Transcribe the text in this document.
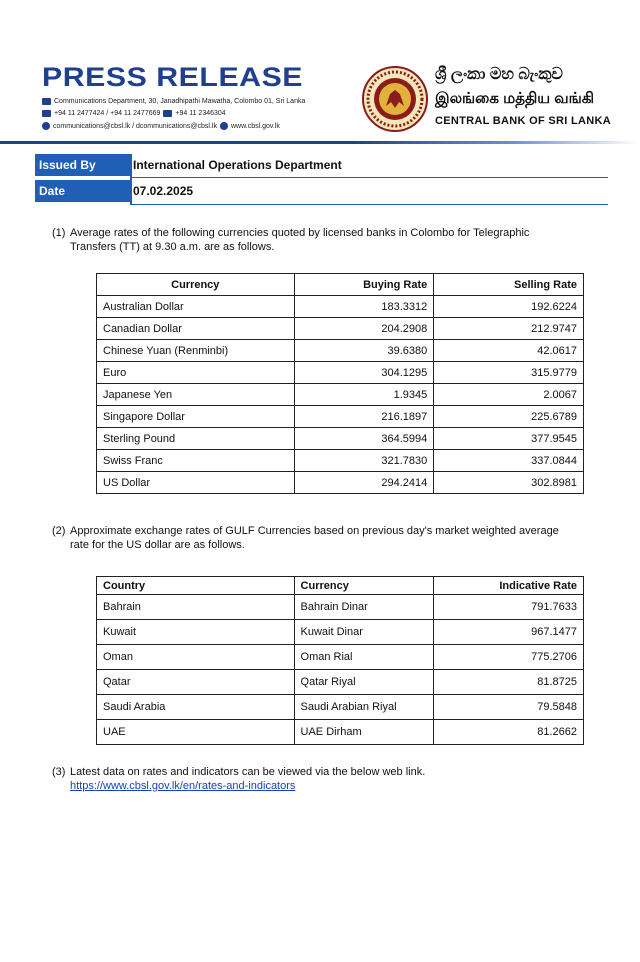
PRESS RELEASE
Communications Department, 30, Janadhipathi Mawatha, Colombo 01, Sri Lanka
+94 11 2477424 / +94 11 2477669 +94 11 2346304
communications@cbsl.lk / dcommunications@cbsl.lk www.cbsl.gov.lk
ශ්‍රී ලංකා මහ බැංකුව
இலங்கை மத்திய வங்கி
CENTRAL BANK OF SRI LANKA
Issued By	International Operations Department
Date	07.02.2025
(1) Average rates of the following currencies quoted by licensed banks in Colombo for Telegraphic
Transfers (TT) at 9.30 a.m. are as follows.
Currency	Buying Rate	Selling Rate
Australian Dollar	183.3312	192.6224
Canadian Dollar	204.2908	212.9747
Chinese Yuan (Renminbi)	39.6380	42.0617
Euro	304.1295	315.9779
Japanese Yen	1.9345	2.0067
Singapore Dollar	216.1897	225.6789
Sterling Pound	364.5994	377.9545
Swiss Franc	321.7830	337.0844
US Dollar	294.2414	302.8981
(2) Approximate exchange rates of GULF Currencies based on previous day's market weighted average
rate for the US dollar are as follows.
Country	Currency	Indicative Rate
Bahrain	Bahrain Dinar	791.7633
Kuwait	Kuwait Dinar	967.1477
Oman	Oman Rial	775.2706
Qatar	Qatar Riyal	81.8725
Saudi Arabia	Saudi Arabian Riyal	79.5848
UAE	UAE Dirham	81.2662
(3) Latest data on rates and indicators can be viewed via the below web link.
https://www.cbsl.gov.lk/en/rates-and-indicators
